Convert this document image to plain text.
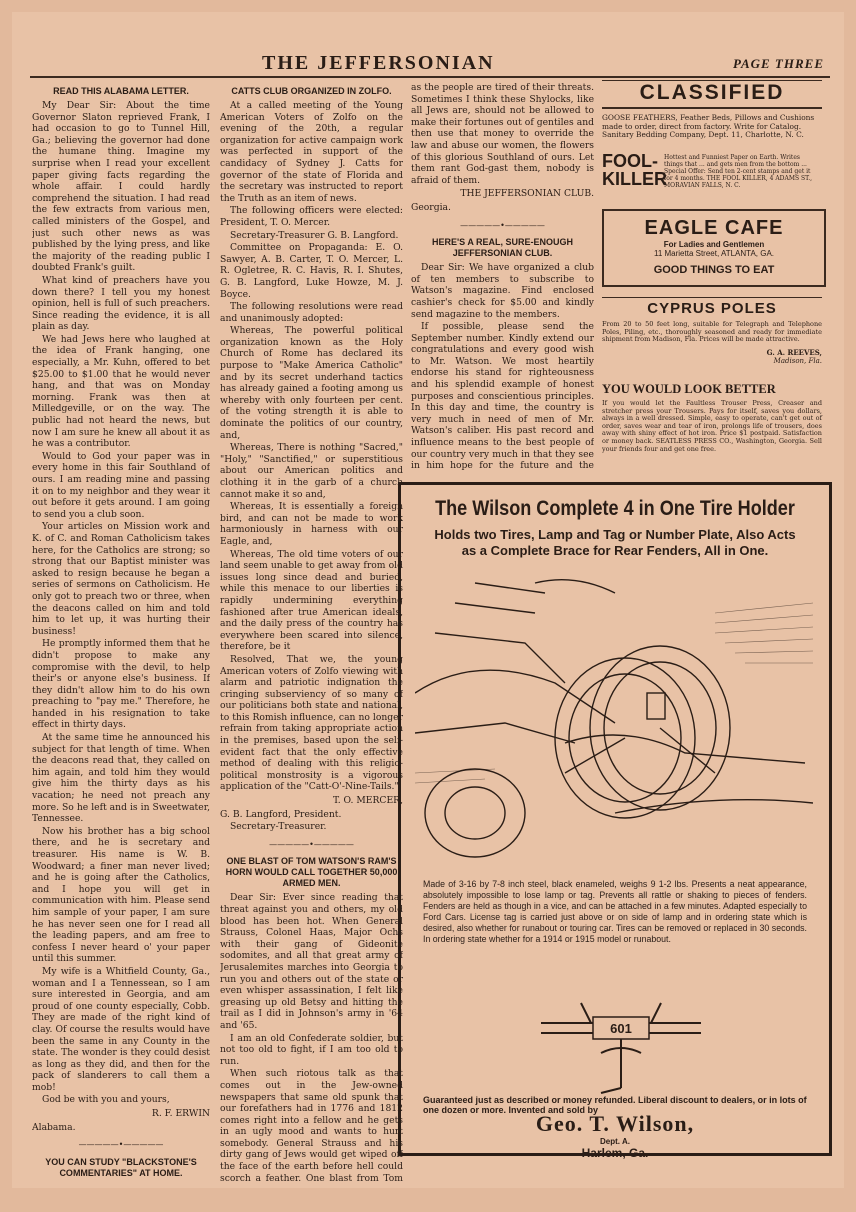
THE JEFFERSONIAN	PAGE THREE
READ THIS ALABAMA LETTER.

My Dear Sir: About the time Governor Slaton reprieved Frank, I had occasion to go to Tunnel Hill, Ga.; believing the governor had done the humane thing. Imagine my surprise when I read your excellent paper giving facts regarding the whole affair. I could hardly comprehend the situation. I had read the few extracts from various men, called ministers of the Gospel, and just such other news as was published by the lying press, and like the majority of the reading public I doubted Frank's guilt.

What kind of preachers have you down there? I tell you my honest opinion, hell is full of such preachers. Since reading the evidence, it is all plain as day.

We had Jews here who laughed at the idea of Frank hanging, one especially, a Mr. Kuhn, offered to bet $25.00 to $1.00 that he would never hang, and that was on Monday morning. Frank was then at Milledgeville, or on the way. The public had not heard the news, but now I am sure he knew all about it as he was a contributor.

Would to God your paper was in every home in this fair Southland of ours. I am reading mine and passing it on to my neighbor and they wear it out before it gets around. I am going to send you a club soon.

Your articles on Mission work and K. of C. and Roman Catholicism takes here, for the Catholics are strong; so strong that our Baptist minister was asked to resign because he began a series of sermons on Catholicism. He only got to preach two or three, when the deacons called on him and told him to let up, it was hurting their business!

He promptly informed them that he didn't propose to make any compromise with the devil, to help their's or anyone else's business. If they didn't allow him to do his own preaching to "pay me." Therefore, he handed in his resignation to take effect in thirty days.

At the same time he announced his subject for that length of time. When the deacons read that, they called on him again, and told him they would give him the thirty days as his vacation; he need not preach any more. So he left and is in Sweetwater, Tennessee.

Now his brother has a big school there, and he is secretary and treasurer. His name is W. B. Woodward; a finer man never lived; and he is going after the Catholics, and I hope you will get in communication with him. Please send him sample of your paper, I am sure he has never seen one for I read all the leading papers, and am free to confess I never heard o' your paper until this summer.

My wife is a Whitfield County, Ga., woman and I a Tennessean, so I am sure interested in Georgia, and am proud of one county especially, Cobb. They are made of the right kind of clay. Of course the results would have been the same in any County in the state. The wonder is they could desist as long as they did, and then for the pack of slanderers to call them a mob!

God be with you and yours,

R. F. ERWIN

Alabama.

—————•—————
YOU CAN STUDY "BLACKSTONE'S COMMENTARIES" AT HOME.

CATTS CLUB ORGANIZED IN ZOLFO.

At a called meeting of the Young American Voters of Zolfo on the evening of the 20th, a regular organization for active campaign work was perfected in support of the candidacy of Sydney J. Catts for governor of the state of Florida and the secretary was instructed to report the Truth as an item of news.

The following officers were elected: President, T. O. Mercer.

Secretary-Treasurer G. B. Langford.

Committee on Propaganda: E. O. Sawyer, A. B. Carter, T. O. Mercer, L. R. Ogletree, R. C. Havis, R. I. Shutes, G. B. Langford, Luke Howze, M. J. Boyce.

The following resolutions were read and unanimously adopted:

Whereas, The powerful political organization known as the Holy Church of Rome has declared its purpose to "Make America Catholic" and by its secret underhand tactics has already gained a footing among us whereby with only fourteen per cent. of the voting strength it is able to dominate the politics of our country, and,

Whereas, There is nothing "Sacred," "Holy," "Sanctified," or superstitious about our American politics and clothing it in the garb of a church cannot make it so and,

Whereas, It is essentially a foreign bird, and can not be made to work harmoniously in harness with our Eagle, and,

Whereas, The old time voters of our land seem unable to get away from old issues long since dead and buried, while this menace to our liberties is rapidly undermining everything fashioned after true American ideals, and the daily press of the country has everywhere been scared into silence, therefore, be it

Resolved, That we, the young American voters of Zolfo viewing with alarm and patriotic indignation the cringing subserviency of so many of our politicians both state and national, to this Romish influence, can no longer refrain from taking appropriate action in the premises, based upon the self-evident fact that the only effective method of dealing with this religio-political monstrosity is a vigorous application of the "Catt-O'-Nine-Tails."

T. O. MERCER,

G. B. Langford, President.

Secretary-Treasurer.

—————•—————
ONE BLAST OF TOM WATSON'S RAM'S HORN WOULD CALL TOGETHER 50,000 ARMED MEN.

Dear Sir: Ever since reading that threat against you and others, my old blood has been hot. When General Strauss, Colonel Haas, Major Ochs with their gang of Gideonite sodomites, and all that great army of Jerusalemites marches into Georgia to run you and others out of the state or even whisper assassination, I felt like greasing up old Betsy and hitting the trail as I did in Johnson's army in '64 and '65.

I am an old Confederate soldier, but not too old to fight, if I am too old to run.

When such riotous talk as that comes out in the Jew-owned newspapers that same old spunk that our forefathers had in 1776 and 1812 comes right into a fellow and he gets in an ugly mood and wants to hurt somebody. General Strauss and his dirty gang of Jews would get wiped off the face of the earth before hell could scorch a feather. One blast from Tom

as the people are tired of their threats. Sometimes I think these Shylocks, like all Jews are, should not be allowed to make their fortunes out of gentiles and then use that money to override the law and abuse our women, the flowers of this glorious Southland of ours. Let them rant God-gast them, nobody is afraid of them.

THE JEFFERSONIAN CLUB.

Georgia.

—————•—————
HERE'S A REAL, SURE-ENOUGH JEFFERSONIAN CLUB.

Dear Sir: We have organized a club of ten members to subscribe to Watson's magazine. Find enclosed cashier's check for $5.00 and kindly send magazine to the members.

If possible, please send the September number. Kindly extend our congratulations and every good wish to Mr. Watson. We most heartily endorse his stand for righteousness and his splendid example of honest purposes and conscientious principles. In this day and time, the country is very much in need of men of Mr. Watson's caliber. His past record and influence means to the best people of our country very much in that they see in him hope for the future and the

CLASSIFIED
GOOSE FEATHERS, Feather Beds, Pillows and Cushions made to order, direct from factory. Write for Catalog. Sanitary Bedding Company, Dept. 11, Charlotte, N. C.
FOOL-KILLER
Hottest and Funniest Paper on Earth. Writes things that ... and gets men from the bottom ... Special Offer: Send ten 2-cent stamps and get it for 4 months. THE FOOL KILLER, 4 ADAMS ST., MORAVIAN FALLS, N. C.
EAGLE CAFE
For Ladies and Gentlemen
11 Marietta Street, ATLANTA, GA.
GOOD THINGS TO EAT
CYPRUS POLES
From 20 to 50 feet long, suitable for Telegraph and Telephone Poles, Piling, etc., thoroughly seasoned and ready for immediate shipment from Madison, Fla. Prices will be made attractive.
G. A. REEVES,
Madison, Fla.
YOU WOULD LOOK BETTER
If you would let the Faultless Trouser Press, Creaser and stretcher press your Trousers. Pays for itself, saves you dollars, always in a well dressed. Simple, easy to operate, can't get out of order, saves wear and tear of iron, prolongs life of trousers, does away with shiny effect of hot iron. Price $1 postpaid. Satisfaction or money back. SEATLESS PRESS CO., Washington, Georgia. Sell your friends four and get one free.
The Wilson Complete 4 in One Tire Holder
Holds two Tires, Lamp and Tag or Number Plate, Also Acts as a Complete Brace for Rear Fenders, All in One.
Made of 3-16 by 7-8 inch steel, black enameled, weighs 9 1-2 lbs. Presents a neat appearance, absolutely impossible to lose lamp or tag. Prevents all rattle or shaking to pieces of fenders. Fenders are held as though in a vice, and can be attached in a few minutes. Adapted especially to Ford Cars. License tag is carried just above or on side of lamp and in ordering state which is desired, also whether for runabout or touring car. Tires can be removed or replaced in 30 seconds. In ordering state whether for a 1914 or 1915 model or runabout.
601
Guaranteed just as described or money refunded. Liberal discount to dealers, or in lots of one dozen or more. Invented and sold by
Geo. T. Wilson,
Dept. A.
Harlem, Ga.
